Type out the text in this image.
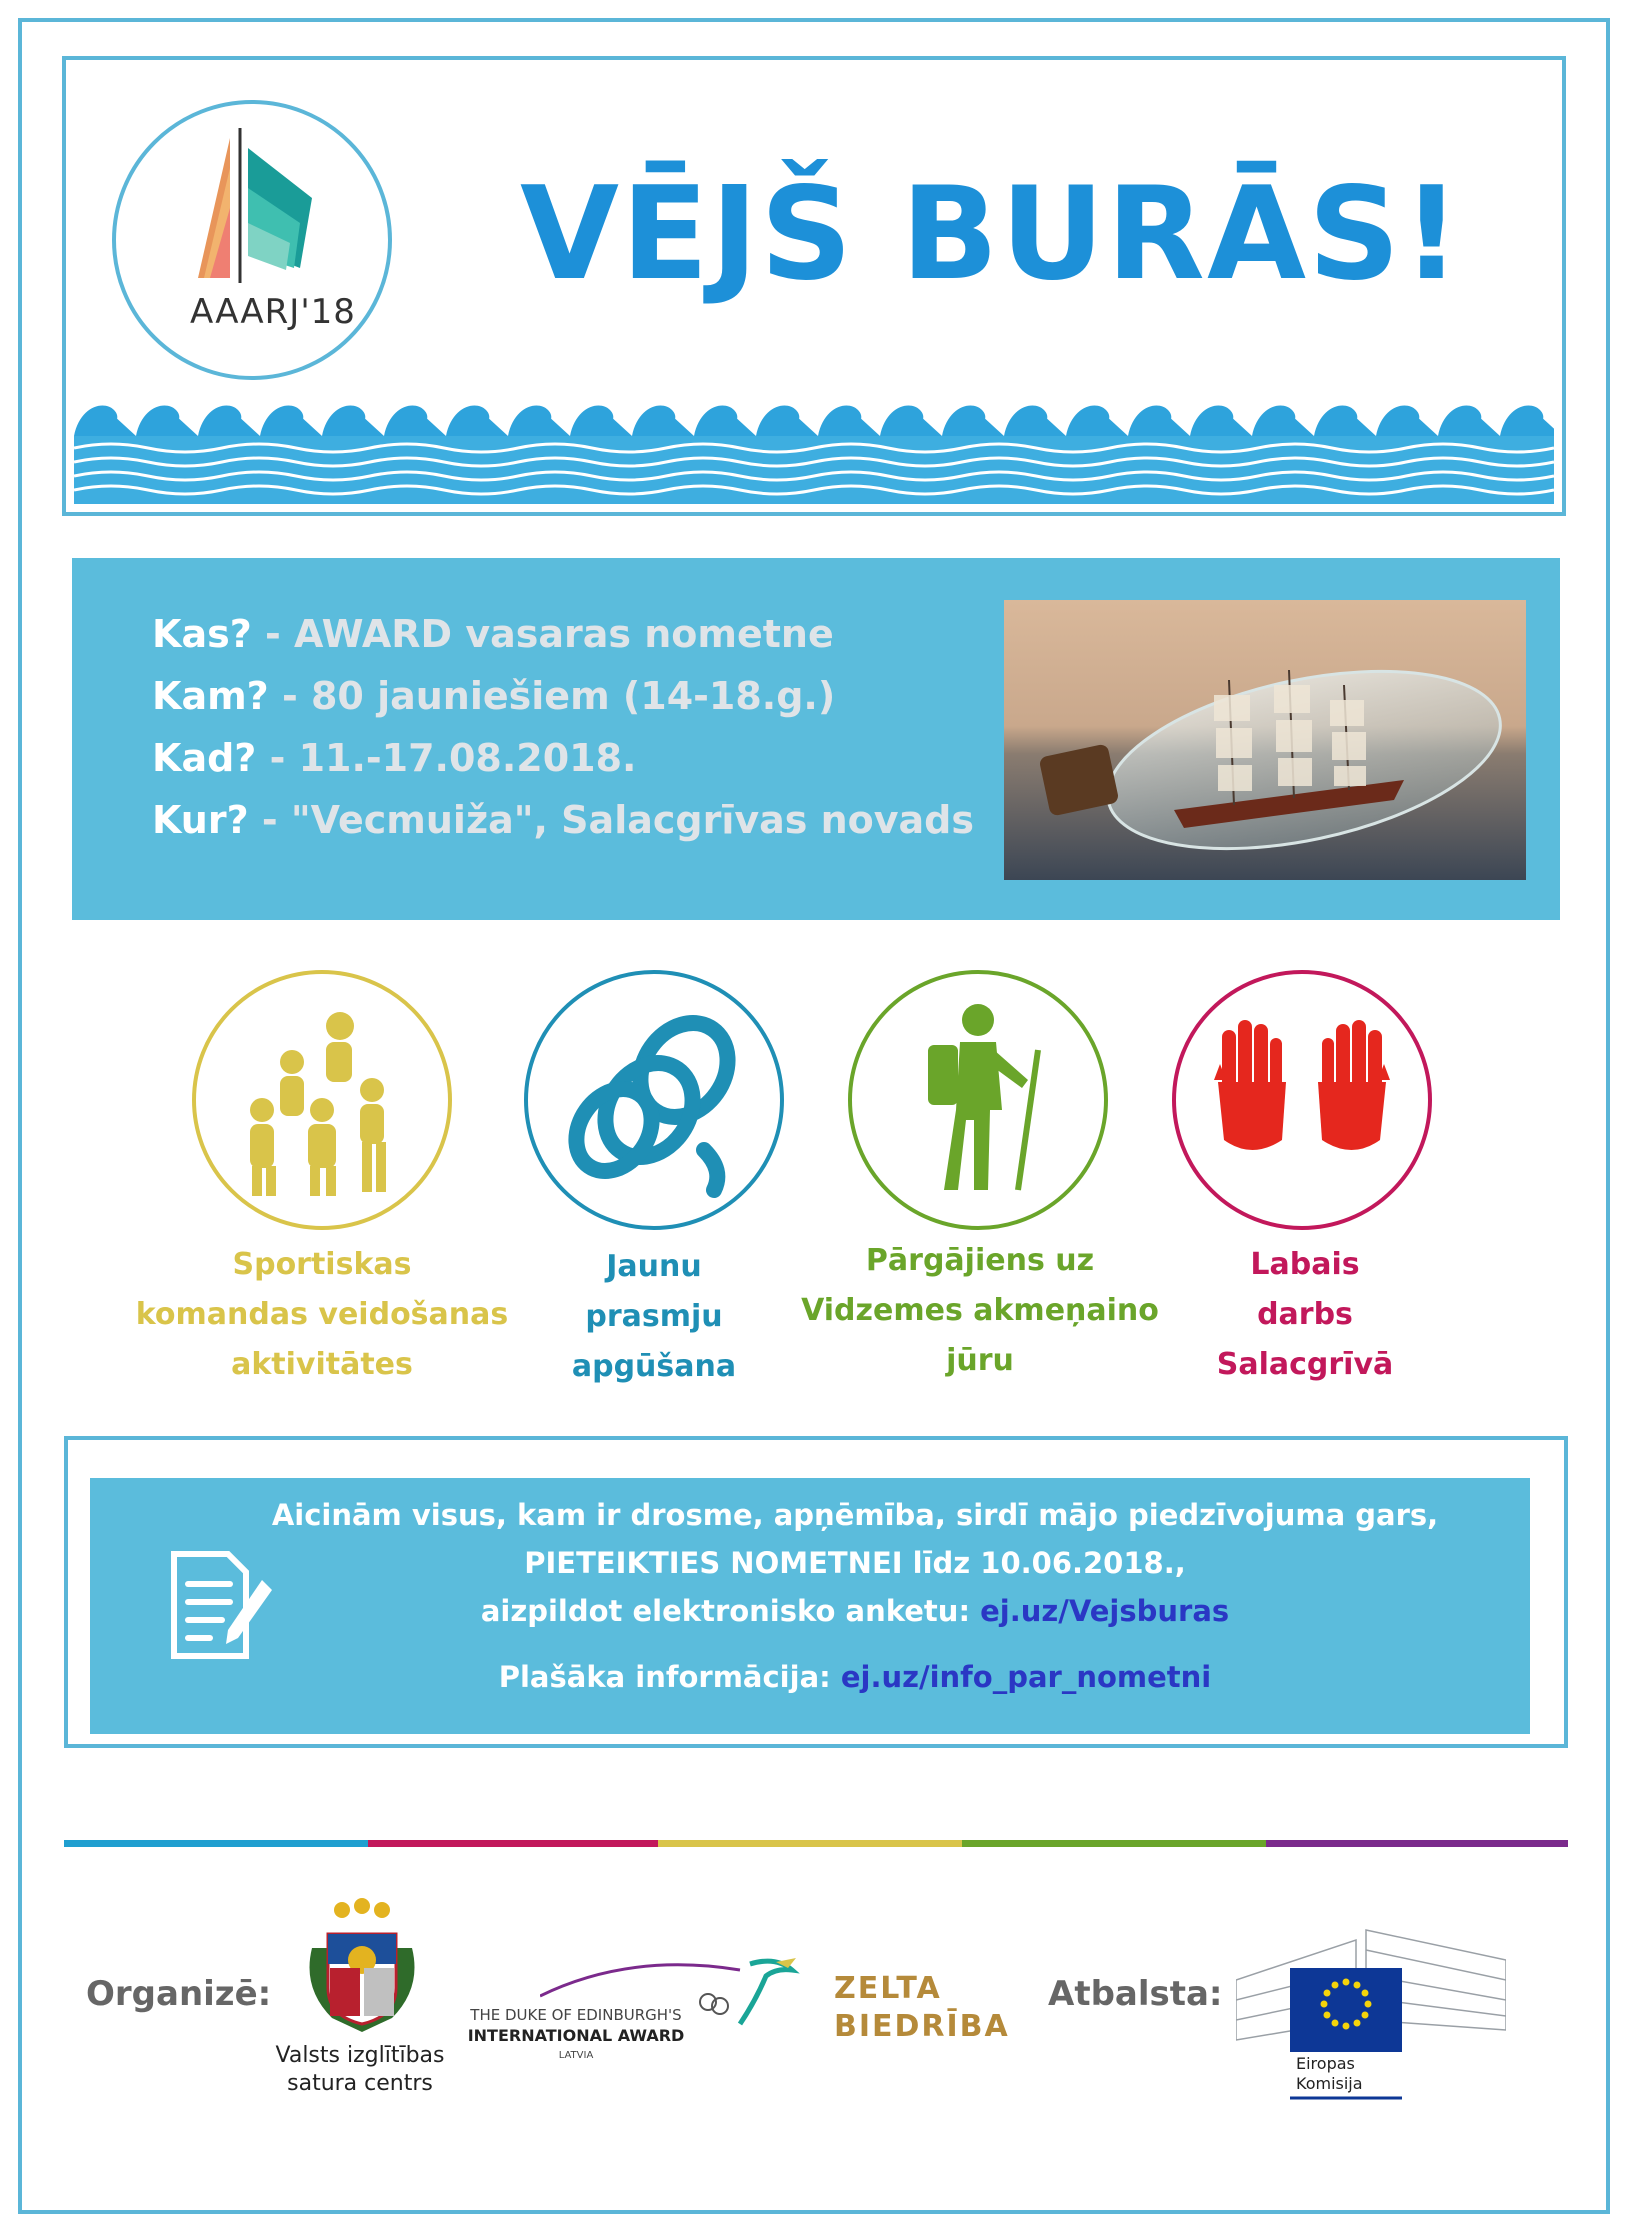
AAARJ'18
VĒJŠ BURĀS!
Kas? - AWARD vasaras nometne
Kam? - 80 jauniešiem (14-18.g.)
Kad? - 11.-17.08.2018.
Kur? - "Vecmuiža", Salacgrīvas novads
Sportiskas
komandas veidošanas
aktivitātes
Jaunu
prasmju
apgūšana
Pārgājiens uz
Vidzemes akmeņaino
jūru
Labais
darbs
Salacgrīvā
Aicinām visus, kam ir drosme, apņēmība, sirdī mājo piedzīvojuma gars,
PIETEIKTIES NOMETNEI līdz 10.06.2018.,
aizpildot elektronisko anketu: ej.uz/Vejsburas
Plašāka informācija: ej.uz/info_par_nometni
Organizē:
Valsts izglītības
satura centrs
THE DUKE OF EDINBURGH'S
INTERNATIONAL AWARD
LATVIA
ZELTA
BIEDRĪBA
Atbalsta:
Eiropas
Komisija
